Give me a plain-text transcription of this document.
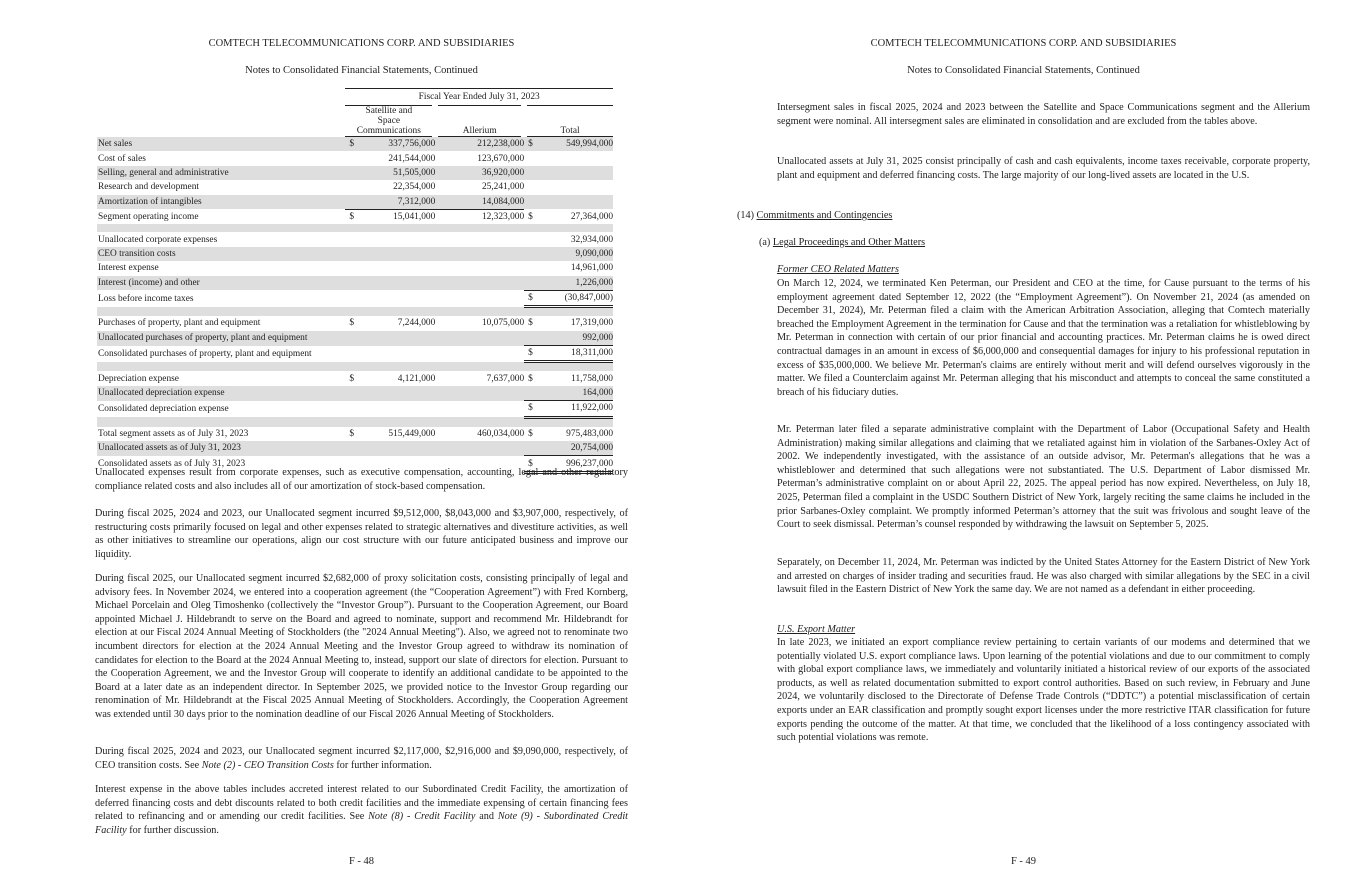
COMTECH TELECOMMUNICATIONS CORP. AND SUBSIDIARIES
Notes to Consolidated Financial Statements, Continued
	Fiscal Year Ended July 31, 2023				
	Satellite and Space Communications		Allerium	Total	
Net sales	$	337,756,000	212,238,000	$	549,994,000
Cost of sales		241,544,000	123,670,000		
Selling, general and administrative		51,505,000	36,920,000		
Research and development		22,354,000	25,241,000		
Amortization of intangibles		7,312,000	14,084,000		
Segment operating income	$	15,041,000	12,323,000	$	27,364,000

Unallocated corporate expenses					32,934,000
CEO transition costs					9,090,000
Interest expense					14,961,000
Interest (income) and other					1,226,000
Loss before income taxes				$	(30,847,000)

Purchases of property, plant and equipment	$	7,244,000	10,075,000	$	17,319,000
Unallocated purchases of property, plant and equipment					992,000
Consolidated purchases of property, plant and equipment				$	18,311,000

Depreciation expense	$	4,121,000	7,637,000	$	11,758,000
Unallocated depreciation expense					164,000
Consolidated depreciation expense				$	11,922,000

Total segment assets as of July 31, 2023	$	515,449,000	460,034,000	$	975,483,000
Unallocated assets as of July 31, 2023					20,754,000
Consolidated assets as of July 31, 2023				$	996,237,000

Unallocated expenses result from corporate expenses, such as executive compensation, accounting, legal and other regulatory compliance related costs and also includes all of our amortization of stock-based compensation.

During fiscal 2025, 2024 and 2023, our Unallocated segment incurred $9,512,000, $8,043,000 and $3,907,000, respectively, of restructuring costs primarily focused on legal and other expenses related to strategic alternatives and divestiture activities, as well as other initiatives to streamline our operations, align our cost structure with our future anticipated business and improve our liquidity.

During fiscal 2025, our Unallocated segment incurred $2,682,000 of proxy solicitation costs, consisting principally of legal and advisory fees. In November 2024, we entered into a cooperation agreement (the “Cooperation Agreement”) with Fred Kornberg, Michael Porcelain and Oleg Timoshenko (collectively the “Investor Group”). Pursuant to the Cooperation Agreement, our Board appointed Michael J. Hildebrandt to serve on the Board and agreed to nominate, support and recommend Mr. Hildebrandt for election at our Fiscal 2024 Annual Meeting of Stockholders (the "2024 Annual Meeting"). Also, we agreed not to renominate two incumbent directors for election at the 2024 Annual Meeting and the Investor Group agreed to withdraw its nomination of candidates for election to the Board at the 2024 Annual Meeting to, instead, support our slate of directors for election. Pursuant to the Cooperation Agreement, we and the Investor Group will cooperate to identify an additional candidate to be appointed to the Board at a later date as an independent director. In September 2025, we provided notice to the Investor Group regarding our renomination of Mr. Hildebrandt at the Fiscal 2025 Annual Meeting of Stockholders. Accordingly, the Cooperation Agreement was extended until 30 days prior to the nomination deadline of our Fiscal 2026 Annual Meeting of Stockholders.

During fiscal 2025, 2024 and 2023, our Unallocated segment incurred $2,117,000, $2,916,000 and $9,090,000, respectively, of CEO transition costs. See Note (2) - CEO Transition Costs for further information.

Interest expense in the above tables includes accreted interest related to our Subordinated Credit Facility, the amortization of deferred financing costs and debt discounts related to both credit facilities and the immediate expensing of certain financing fees related to refinancing and or amending our credit facilities. See Note (8) - Credit Facility and Note (9) - Subordinated Credit Facility for further discussion.

F - 48
COMTECH TELECOMMUNICATIONS CORP. AND SUBSIDIARIES
Notes to Consolidated Financial Statements, Continued

Intersegment sales in fiscal 2025, 2024 and 2023 between the Satellite and Space Communications segment and the Allerium segment were nominal. All intersegment sales are eliminated in consolidation and are excluded from the tables above.

Unallocated assets at July 31, 2025 consist principally of cash and cash equivalents, income taxes receivable, corporate property, plant and equipment and deferred financing costs. The large majority of our long-lived assets are located in the U.S.

(14) Commitments and Contingencies

(a) Legal Proceedings and Other Matters

Former CEO Related Matters

On March 12, 2024, we terminated Ken Peterman, our President and CEO at the time, for Cause pursuant to the terms of his employment agreement dated September 12, 2022 (the “Employment Agreement”). On November 21, 2024 (as amended on December 31, 2024), Mr. Peterman filed a claim with the American Arbitration Association, alleging that Comtech materially breached the Employment Agreement in the termination for Cause and that the termination was a retaliation for whistleblowing by Mr. Peterman in connection with certain of our prior financial and accounting practices. Mr. Peterman claims he is owed direct contractual damages in an amount in excess of $6,000,000 and consequential damages for injury to his professional reputation in excess of $35,000,000. We believe Mr. Peterman's claims are entirely without merit and will defend ourselves vigorously in the matter. We filed a Counterclaim against Mr. Peterman alleging that his misconduct and attempts to conceal the same constituted a breach of his fiduciary duties.

Mr. Peterman later filed a separate administrative complaint with the Department of Labor (Occupational Safety and Health Administration) making similar allegations and claiming that we retaliated against him in violation of the Sarbanes-Oxley Act of 2002. We independently investigated, with the assistance of an outside advisor, Mr. Peterman's allegations that he was a whistleblower and determined that such allegations were not substantiated. The U.S. Department of Labor dismissed Mr. Peterman’s administrative complaint on or about April 22, 2025. The appeal period has now expired. Nevertheless, on July 18, 2025, Peterman filed a complaint in the USDC Southern District of New York, largely reciting the same claims he included in the prior Sarbanes-Oxley complaint. We promptly informed Peterman’s attorney that the suit was frivolous and sought leave of the Court to seek dismissal. Peterman’s counsel responded by withdrawing the lawsuit on September 5, 2025.

Separately, on December 11, 2024, Mr. Peterman was indicted by the United States Attorney for the Eastern District of New York and arrested on charges of insider trading and securities fraud. He was also charged with similar allegations by the SEC in a civil lawsuit filed in the Eastern District of New York the same day. We are not named as a defendant in either proceeding.

U.S. Export Matter

In late 2023, we initiated an export compliance review pertaining to certain variants of our modems and determined that we potentially violated U.S. export compliance laws. Upon learning of the potential violations and due to our commitment to comply with global export compliance laws, we immediately and voluntarily initiated a historical review of our exports of the associated products, as well as related documentation submitted to export control authorities. Based on such review, in February and June 2024, we voluntarily disclosed to the Directorate of Defense Trade Controls (“DDTC”) a potential misclassification of certain exports under an EAR classification and promptly sought export licenses under the more restrictive ITAR classification for future exports pending the outcome of the matter. At that time, we concluded that the likelihood of a loss contingency associated with such potential violations was remote.

F - 49
